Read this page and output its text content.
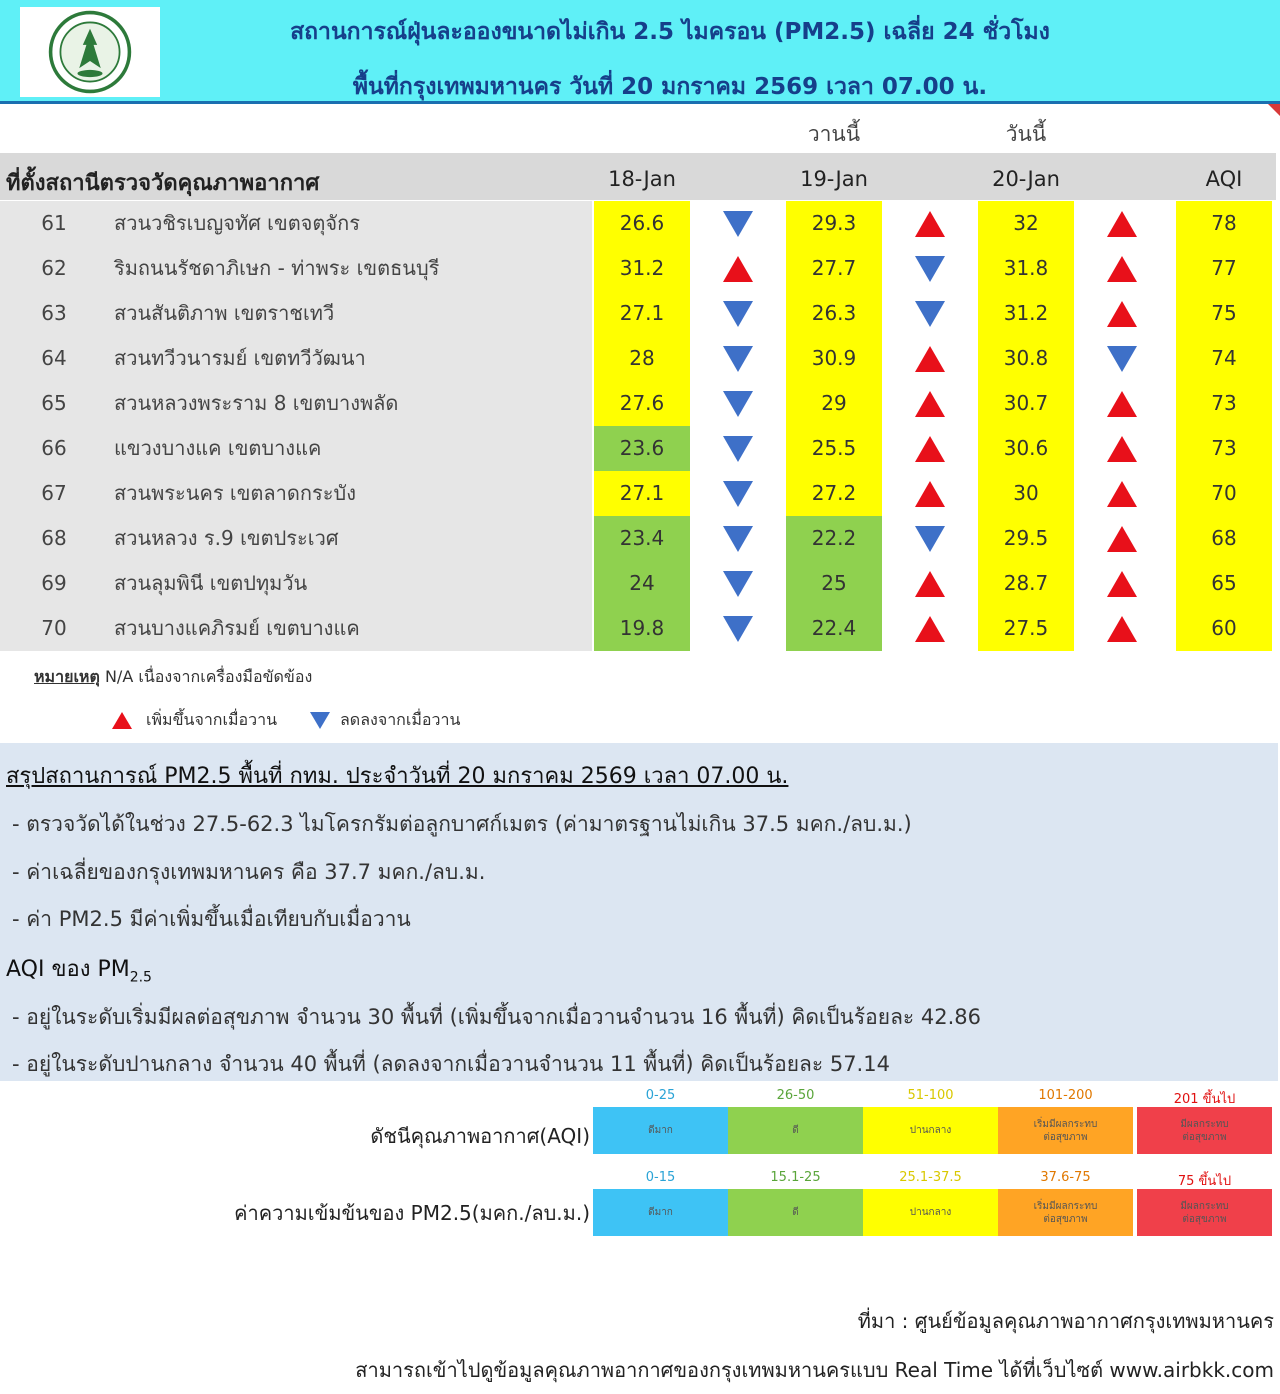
สถานการณ์ฝุ่นละอองขนาดไม่เกิน 2.5 ไมครอน (PM2.5) เฉลี่ย 24 ชั่วโมง
พื้นที่กรุงเทพมหานคร วันที่ 20 มกราคม 2569 เวลา 07.00 น.
วานนี้	วันนี้
ที่ตั้งสถานีตรวจวัดคุณภาพอากาศ	18-Jan	19-Jan	20-Jan	AQI
61	สวนวชิรเบญจทัศ เขตจตุจักร	26.6	29.3	32	78
62	ริมถนนรัชดาภิเษก - ท่าพระ เขตธนบุรี	31.2	27.7	31.8	77
63	สวนสันติภาพ เขตราชเทวี	27.1	26.3	31.2	75
64	สวนทวีวนารมย์ เขตทวีวัฒนา	28	30.9	30.8	74
65	สวนหลวงพระราม 8 เขตบางพลัด	27.6	29	30.7	73
66	แขวงบางแค เขตบางแค	23.6	25.5	30.6	73
67	สวนพระนคร เขตลาดกระบัง	27.1	27.2	30	70
68	สวนหลวง ร.9 เขตประเวศ	23.4	22.2	29.5	68
69	สวนลุมพินี เขตปทุมวัน	24	25	28.7	65
70	สวนบางแคภิรมย์ เขตบางแค	19.8	22.4	27.5	60
หมายเหตุ N/A เนื่องจากเครื่องมือขัดข้อง
เพิ่มขึ้นจากเมื่อวาน	ลดลงจากเมื่อวาน
สรุปสถานการณ์ PM2.5 พื้นที่ กทม. ประจำวันที่ 20 มกราคม 2569 เวลา 07.00 น.
- ตรวจวัดได้ในช่วง 27.5-62.3 ไมโครกรัมต่อลูกบาศก์เมตร (ค่ามาตรฐานไม่เกิน 37.5 มคก./ลบ.ม.)
- ค่าเฉลี่ยของกรุงเทพมหานคร คือ 37.7 มคก./ลบ.ม.
- ค่า PM2.5 มีค่าเพิ่มขึ้นเมื่อเทียบกับเมื่อวาน
AQI ของ $PM_{2.5}$
- อยู่ในระดับเริ่มมีผลต่อสุขภาพ จำนวน 30 พื้นที่ (เพิ่มขึ้นจากเมื่อวานจำนวน 16 พื้นที่) คิดเป็นร้อยละ 42.86
- อยู่ในระดับปานกลาง จำนวน 40 พื้นที่ (ลดลงจากเมื่อวานจำนวน 11 พื้นที่) คิดเป็นร้อยละ 57.14
ดัชนีคุณภาพอากาศ(AQI)
ค่าความเข้มข้นของ PM2.5(มคก./ลบ.ม.)
0-25
ดีมาก
26-50
ดี
51-100
ปานกลาง
101-200
เริ่มมีผลกระทบ
ต่อสุขภาพ
201 ขึ้นไป
มีผลกระทบ
ต่อสุขภาพ
0-15
ดีมาก
15.1-25
ดี
25.1-37.5
ปานกลาง
37.6-75
เริ่มมีผลกระทบ
ต่อสุขภาพ
75 ขึ้นไป
มีผลกระทบ
ต่อสุขภาพ
ที่มา : ศูนย์ข้อมูลคุณภาพอากาศกรุงเทพมหานคร
สามารถเข้าไปดูข้อมูลคุณภาพอากาศของกรุงเทพมหานครแบบ Real Time ได้ที่เว็บไซต์ www.airbkk.com
